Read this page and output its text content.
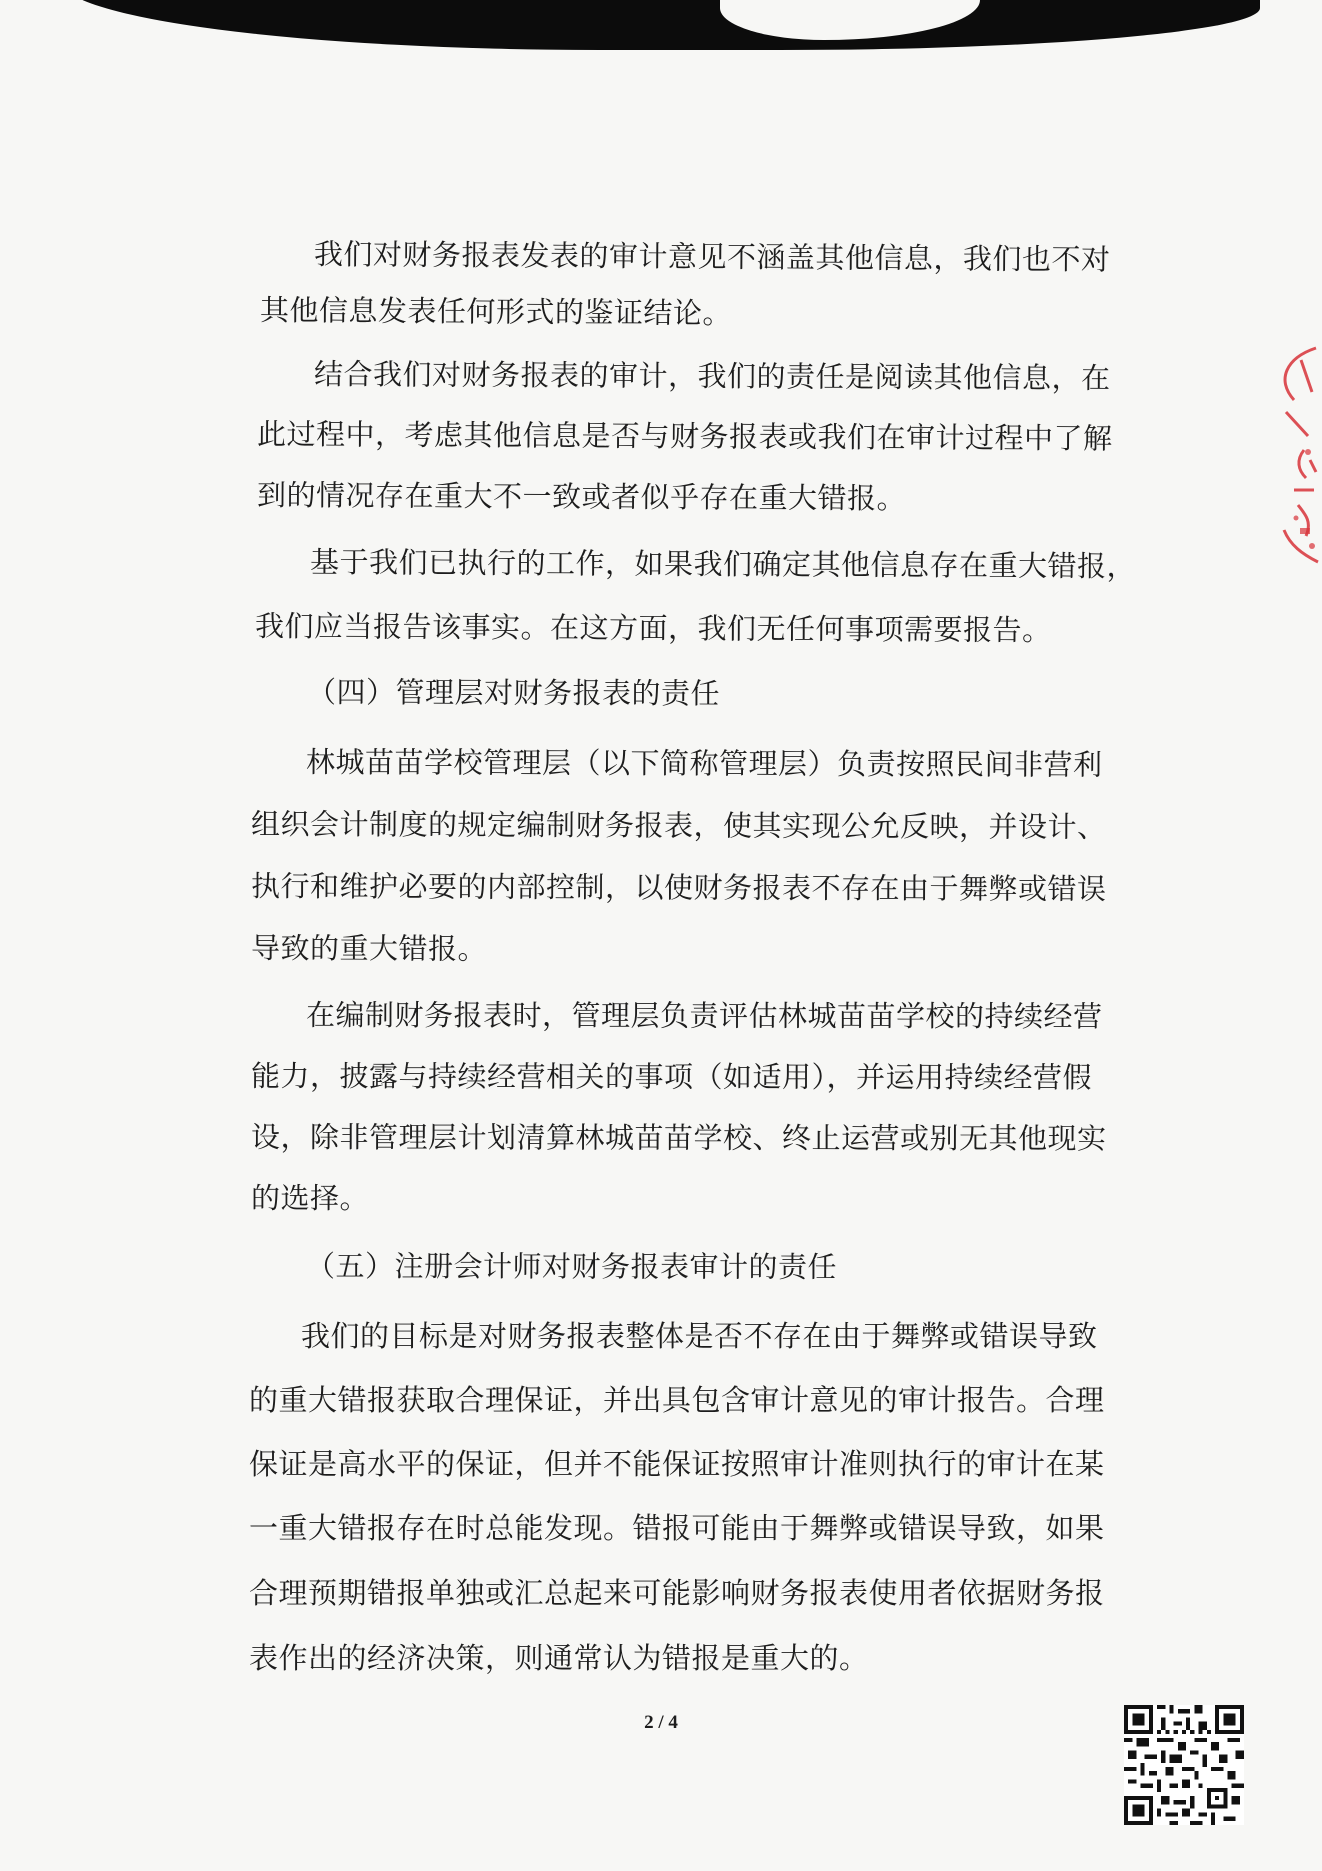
我们对财务报表发表的审计意见不涵盖其他信息，我们也不对
其他信息发表任何形式的鉴证结论。
结合我们对财务报表的审计，我们的责任是阅读其他信息，在
此过程中，考虑其他信息是否与财务报表或我们在审计过程中了解
到的情况存在重大不一致或者似乎存在重大错报。
基于我们已执行的工作，如果我们确定其他信息存在重大错报，
我们应当报告该事实。在这方面，我们无任何事项需要报告。
（四）管理层对财务报表的责任
林城苗苗学校管理层（以下简称管理层）负责按照民间非营利
组织会计制度的规定编制财务报表，使其实现公允反映，并设计、
执行和维护必要的内部控制，以使财务报表不存在由于舞弊或错误
导致的重大错报。
在编制财务报表时，管理层负责评估林城苗苗学校的持续经营
能力，披露与持续经营相关的事项（如适用），并运用持续经营假
设，除非管理层计划清算林城苗苗学校、终止运营或别无其他现实
的选择。
（五）注册会计师对财务报表审计的责任
我们的目标是对财务报表整体是否不存在由于舞弊或错误导致
的重大错报获取合理保证，并出具包含审计意见的审计报告。合理
保证是高水平的保证，但并不能保证按照审计准则执行的审计在某
一重大错报存在时总能发现。错报可能由于舞弊或错误导致，如果
合理预期错报单独或汇总起来可能影响财务报表使用者依据财务报
表作出的经济决策，则通常认为错报是重大的。
2 / 4
